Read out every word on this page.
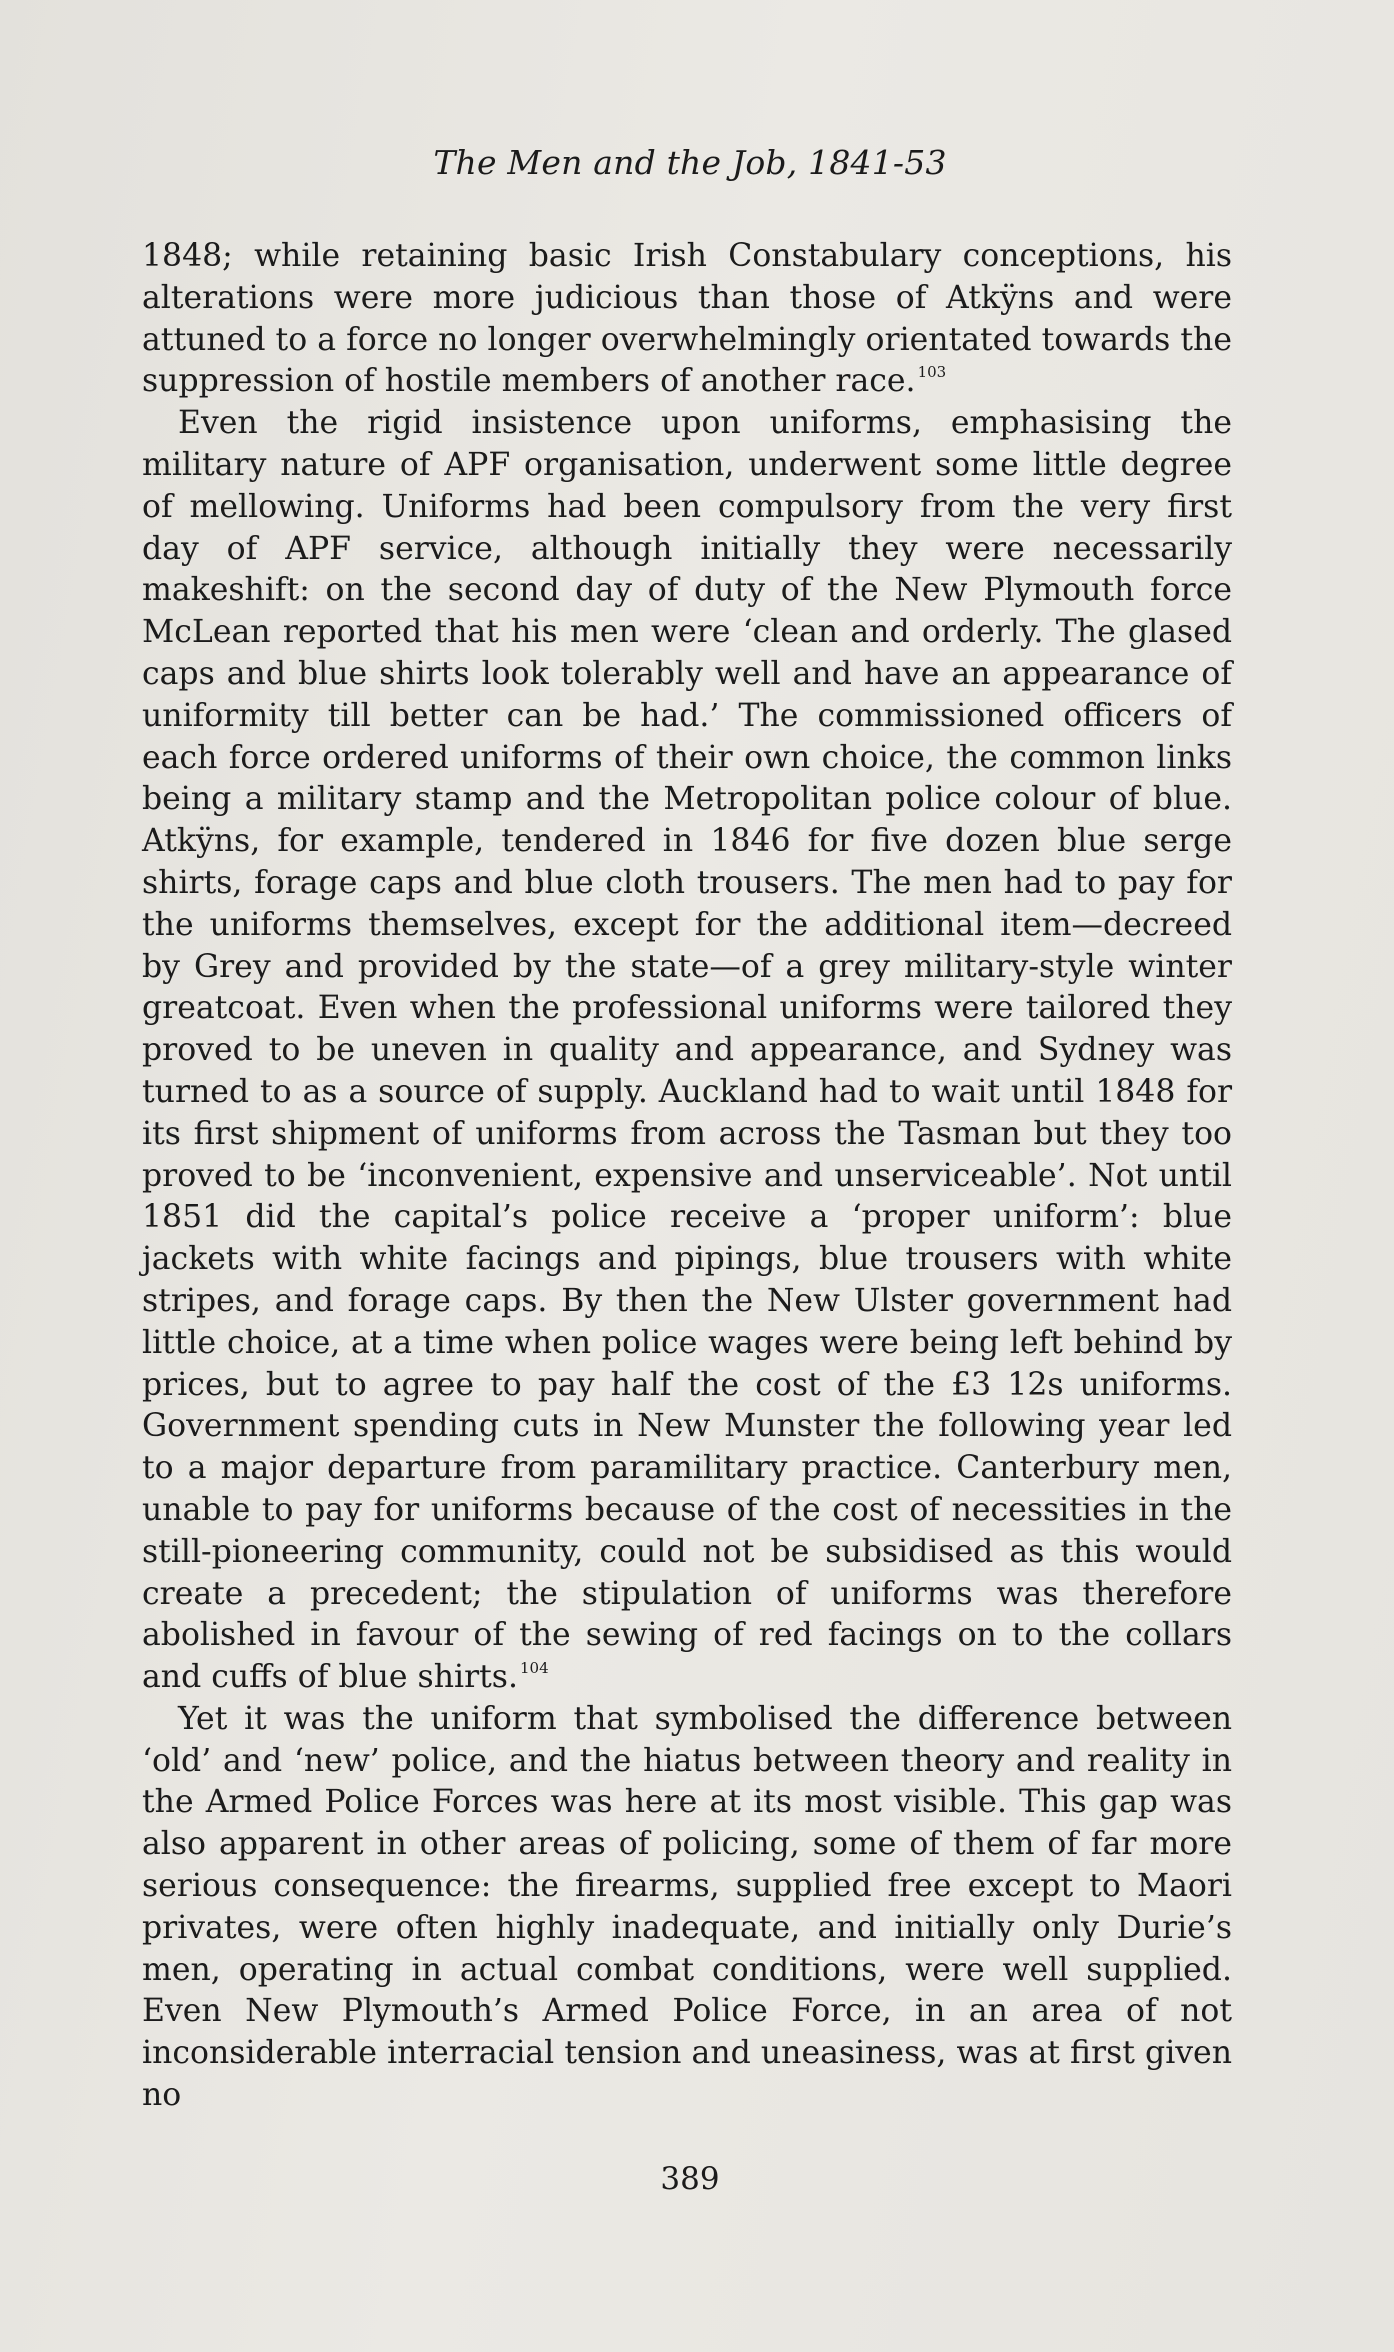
The Men and the Job, 1841-53

1848; while retaining basic Irish Constabulary conceptions, his alterations were more judicious than those of Atkÿns and were attuned to a force no longer overwhelmingly orientated towards the suppression of hostile members of another race. $^{103}$

Even the rigid insistence upon uniforms, emphasising the military nature of APF organisation, underwent some little degree of mellowing. Uniforms had been compulsory from the very first day of APF service, although initially they were necessarily makeshift: on the second day of duty of the New Plymouth force McLean reported that his men were ‘clean and orderly. The glased caps and blue shirts look tolerably well and have an appearance of uniformity till better can be had.’ The commissioned officers of each force ordered uniforms of their own choice, the common links being a military stamp and the Metropolitan police colour of blue. Atkÿns, for example, tendered in 1846 for five dozen blue serge shirts, forage caps and blue cloth trousers. The men had to pay for the uniforms themselves, except for the additional item—decreed by Grey and provided by the state—of a grey military-style winter greatcoat. Even when the professional uniforms were tailored they proved to be uneven in quality and appearance, and Sydney was turned to as a source of supply. Auckland had to wait until 1848 for its first shipment of uniforms from across the Tasman but they too proved to be ‘inconvenient, expensive and unserviceable’. Not until 1851 did the capital’s police receive a ‘proper uniform’: blue jackets with white facings and pipings, blue trousers with white stripes, and forage caps. By then the New Ulster government had little choice, at a time when police wages were being left behind by prices, but to agree to pay half the cost of the £3 12s uniforms. Government spending cuts in New Munster the following year led to a major departure from paramilitary practice. Canterbury men, unable to pay for uniforms because of the cost of necessities in the still-pioneering community, could not be subsidised as this would create a precedent; the stipulation of uniforms was therefore abolished in favour of the sewing of red facings on to the collars and cuffs of blue shirts. $^{104}$

Yet it was the uniform that symbolised the difference between ‘old’ and ‘new’ police, and the hiatus between theory and reality in the Armed Police Forces was here at its most visible. This gap was also apparent in other areas of policing, some of them of far more serious consequence: the firearms, supplied free except to Maori privates, were often highly inadequate, and initially only Durie’s men, operating in actual combat conditions, were well supplied. Even New Plymouth’s Armed Police Force, in an area of not inconsiderable interracial tension and uneasiness, was at first given no

389
